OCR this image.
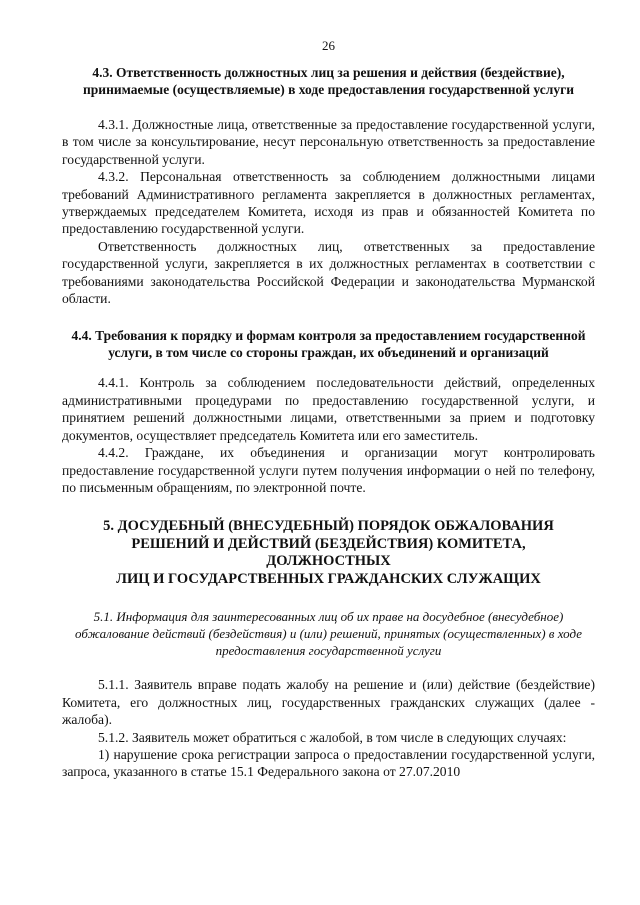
26
4.3. Ответственность должностных лиц за решения и действия (бездействие), принимаемые (осуществляемые) в ходе предоставления государственной услуги

4.3.1. Должностные лица, ответственные за предоставление государственной услуги, в том числе за консультирование, несут персональную ответственность за предоставление государственной услуги.

4.3.2. Персональная ответственность за соблюдением должностными лицами требований Административного регламента закрепляется в должностных регламентах, утверждаемых председателем Комитета, исходя из прав и обязанностей Комитета по предоставлению государственной услуги.

Ответственность должностных лиц, ответственных за предоставление государственной услуги, закрепляется в их должностных регламентах в соответствии с требованиями законодательства Российской Федерации и законодательства Мурманской области.

4.4. Требования к порядку и формам контроля за предоставлением государственной услуги, в том числе со стороны граждан, их объединений и организаций

4.4.1. Контроль за соблюдением последовательности действий, определенных административными процедурами по предоставлению государственной услуги, и принятием решений должностными лицами, ответственными за прием и подготовку документов, осуществляет председатель Комитета или его заместитель.

4.4.2. Граждане, их объединения и организации могут контролировать предоставление государственной услуги путем получения информации о ней по телефону, по письменным обращениям, по электронной почте.

5. ДОСУДЕБНЫЙ (ВНЕСУДЕБНЫЙ) ПОРЯДОК ОБЖАЛОВАНИЯ
РЕШЕНИЙ И ДЕЙСТВИЙ (БЕЗДЕЙСТВИЯ) КОМИТЕТА,
ДОЛЖНОСТНЫХ
ЛИЦ И ГОСУДАРСТВЕННЫХ ГРАЖДАНСКИХ СЛУЖАЩИХ

5.1. Информация для заинтересованных лиц об их праве на досудебное (внесудебное) обжалование действий (бездействия) и (или) решений, принятых (осуществленных) в ходе предоставления государственной услуги

5.1.1. Заявитель вправе подать жалобу на решение и (или) действие (бездействие) Комитета, его должностных лиц, государственных гражданских служащих (далее - жалоба).

5.1.2. Заявитель может обратиться с жалобой, в том числе в следующих случаях:

1) нарушение срока регистрации запроса о предоставлении государственной услуги, запроса, указанного в статье 15.1 Федерального закона от 27.07.2010
